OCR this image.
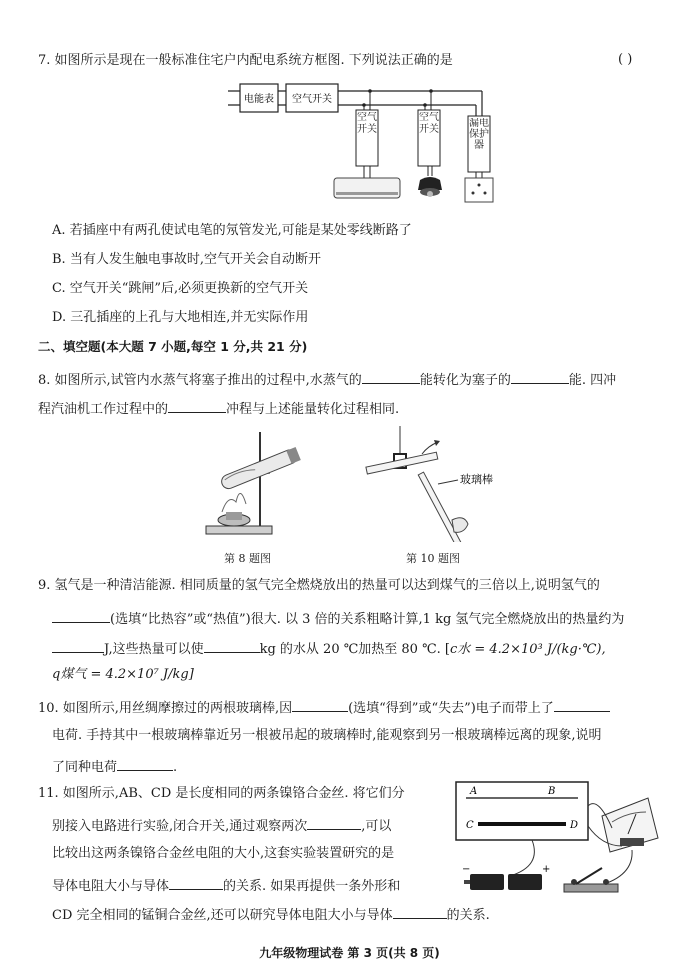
7. 如图所示是现在一般标准住宅户内配电系统方框图. 下列说法正确的是	( )
电能表 空气开关
空气开关
空气开关
漏电保护器
A. 若插座中有两孔使试电笔的氖管发光,可能是某处零线断路了
B. 当有人发生触电事故时,空气开关会自动断开
C. 空气开关“跳闸”后,必须更换新的空气开关
D. 三孔插座的上孔与大地相连,并无实际作用
二、填空题(本大题 7 小题,每空 1 分,共 21 分)
8. 如图所示,试管内水蒸气将塞子推出的过程中,水蒸气的	能转化为塞子的	能. 四冲
程汽油机工作过程中的	冲程与上述能量转化过程相同.
第 8 题图
玻璃棒
第 10 题图
9. 氢气是一种清洁能源. 相同质量的氢气完全燃烧放出的热量可以达到煤气的三倍以上,说明氢气的
(选填“比热容”或“热值”)很大. 以 3 倍的关系粗略计算,1 kg 氢气完全燃烧放出的热量约为
J,这些热量可以使	kg 的水从 20 ℃加热至 80 ℃. [c水 = 4.2×10³ J/(kg·℃),
q煤气 = 4.2×10⁷ J/kg]
10. 如图所示,用丝绸摩擦过的两根玻璃棒,因	(选填“得到”或“失去”)电子而带上了
电荷. 手持其中一根玻璃棒靠近另一根被吊起的玻璃棒时,能观察到另一根玻璃棒远离的现象,说明
了同种电荷	.
11. 如图所示,AB、CD 是长度相同的两条镍铬合金丝. 将它们分
别接入电路进行实验,闭合开关,通过观察两次	,可以
比较出这两条镍铬合金丝电阻的大小,这套实验装置研究的是
导体电阻大小与导体	的关系. 如果再提供一条外形和
CD 完全相同的锰铜合金丝,还可以研究导体电阻大小与导体	的关系.
A	B
C	D
−	+
九年级物理试卷 第 3 页(共 8 页)
